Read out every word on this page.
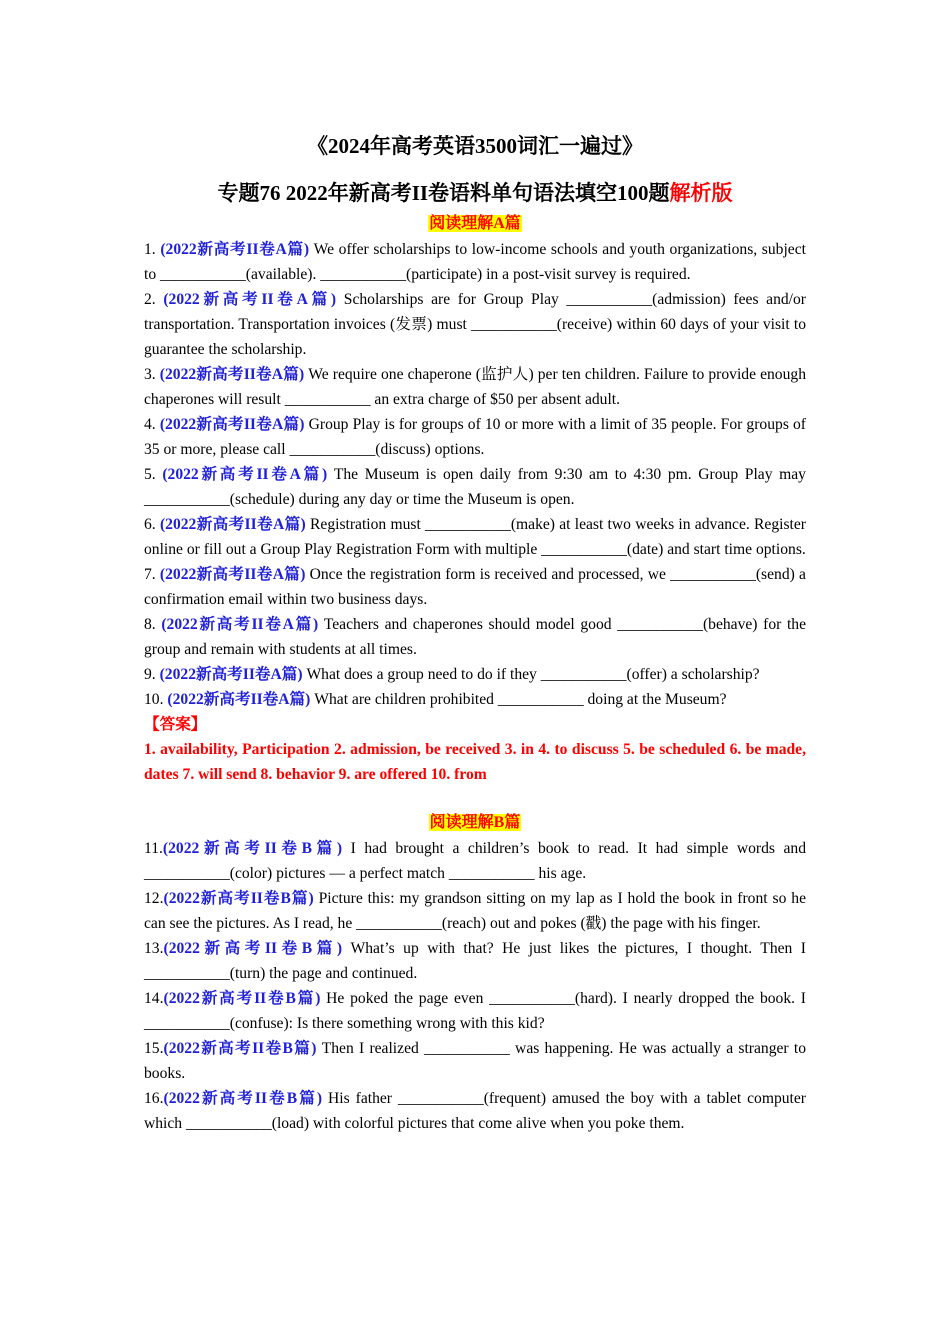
《2024年高考英语3500词汇一遍过》
专题76 2022年新高考II卷语料单句语法填空100题解析版
阅读理解A篇

1. (2022新高考II卷A篇) We offer scholarships to low-income schools and youth organizations, subject to ___________(available). ___________(participate) in a post-visit survey is required.

2. (2022新高考II卷A篇) Scholarships are for Group Play ___________(admission) fees and/or transportation. Transportation invoices (发票) must ___________(receive) within 60 days of your visit to guarantee the scholarship.

3. (2022新高考II卷A篇) We require one chaperone (监护人) per ten children. Failure to provide enough chaperones will result ___________ an extra charge of $50 per absent adult.

4. (2022新高考II卷A篇) Group Play is for groups of 10 or more with a limit of 35 people. For groups of 35 or more, please call ___________(discuss) options.

5. (2022新高考II卷A篇) The Museum is open daily from 9:30 am to 4:30 pm. Group Play may ___________(schedule) during any day or time the Museum is open.

6. (2022新高考II卷A篇) Registration must ___________(make) at least two weeks in advance. Register online or fill out a Group Play Registration Form with multiple ___________(date) and start time options.

7. (2022新高考II卷A篇) Once the registration form is received and processed, we ___________(send) a confirmation email within two business days.

8. (2022新高考II卷A篇) Teachers and chaperones should model good ___________(behave) for the group and remain with students at all times.

9. (2022新高考II卷A篇) What does a group need to do if they ___________(offer) a scholarship?

10. (2022新高考II卷A篇) What are children prohibited ___________ doing at the Museum?

【答案】

1. availability, Participation 2. admission, be received 3. in 4. to discuss 5. be scheduled 6. be made, dates 7. will send 8. behavior 9. are offered 10. from

阅读理解B篇

11.(2022新高考II卷B篇) I had brought a children’s book to read. It had simple words and ___________(color) pictures — a perfect match ___________ his age.

12.(2022新高考II卷B篇) Picture this: my grandson sitting on my lap as I hold the book in front so he can see the pictures. As I read, he ___________(reach) out and pokes (戳) the page with his finger.

13.(2022新高考II卷B篇) What’s up with that? He just likes the pictures, I thought. Then I ___________(turn) the page and continued.

14.(2022新高考II卷B篇) He poked the page even ___________(hard). I nearly dropped the book. I ___________(confuse): Is there something wrong with this kid?

15.(2022新高考II卷B篇) Then I realized ___________ was happening. He was actually a stranger to books.

16.(2022新高考II卷B篇) His father ___________(frequent) amused the boy with a tablet computer which ___________(load) with colorful pictures that come alive when you poke them.
